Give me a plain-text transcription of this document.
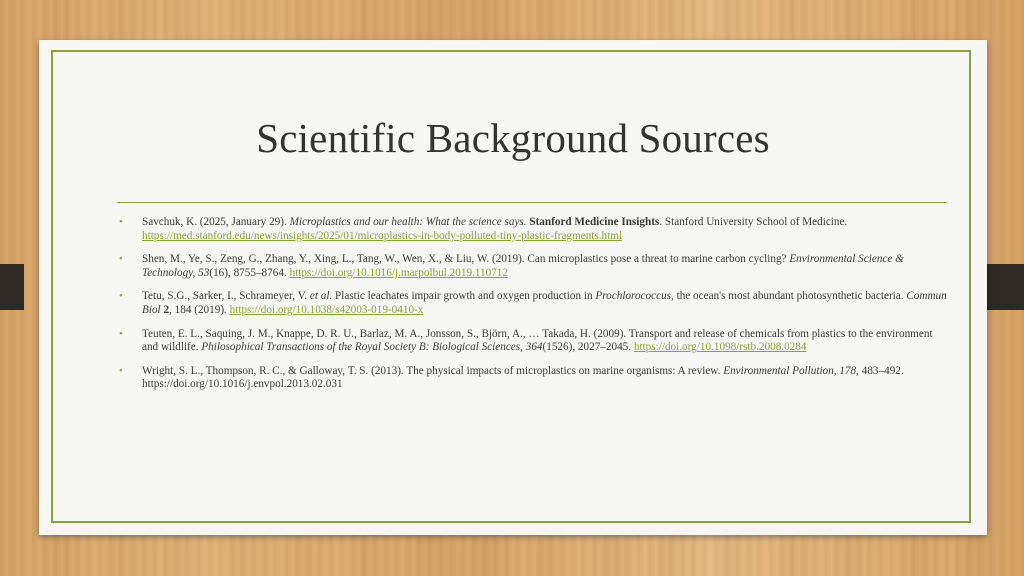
Scientific Background Sources
• Savchuk, K. (2025, January 29). Microplastics and our health: What the science says. Stanford Medicine Insights. Stanford University School of Medicine. https://med.stanford.edu/news/insights/2025/01/microplastics-in-body-polluted-tiny-plastic-fragments.html
• Shen, M., Ye, S., Zeng, G., Zhang, Y., Xing, L., Tang, W., Wen, X., & Liu, W. (2019). Can microplastics pose a threat to marine carbon cycling? Environmental Science & Technology, 53(16), 8755–8764. https://doi.org/10.1016/j.marpolbul.2019.110712
• Tetu, S.G., Sarker, I., Schrameyer, V. et al. Plastic leachates impair growth and oxygen production in Prochlorococcus, the ocean's most abundant photosynthetic bacteria. Commun Biol 2, 184 (2019). https://doi.org/10.1038/s42003-019-0410-x
• Teuten, E. L., Saquing, J. M., Knappe, D. R. U., Barlaz, M. A., Jonsson, S., Björn, A., … Takada, H. (2009). Transport and release of chemicals from plastics to the environment and wildlife. Philosophical Transactions of the Royal Society B: Biological Sciences, 364(1526), 2027–2045. https://doi.org/10.1098/rstb.2008.0284
• Wright, S. L., Thompson, R. C., & Galloway, T. S. (2013). The physical impacts of microplastics on marine organisms: A review. Environmental Pollution, 178, 483–492.
https://doi.org/10.1016/j.envpol.2013.02.031
